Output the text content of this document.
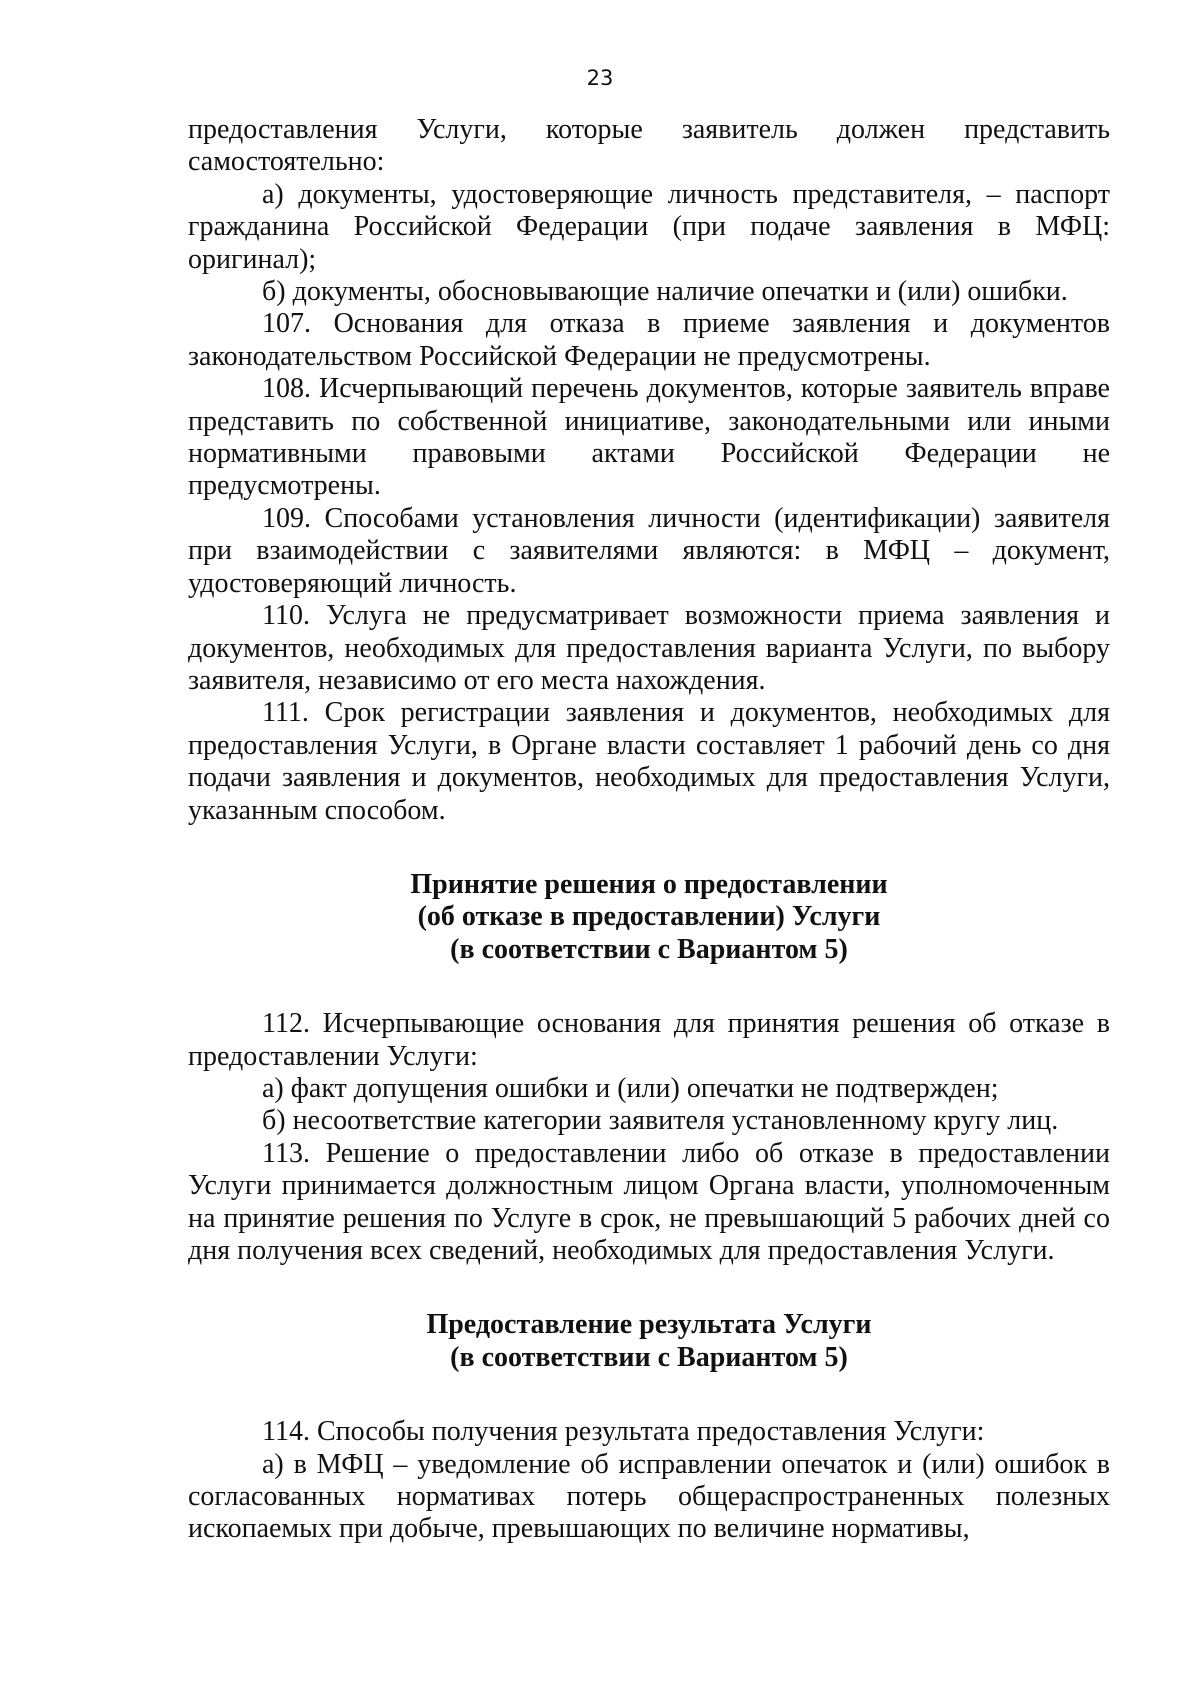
23

предоставления Услуги, которые заявитель должен представить самостоятельно:

а) документы, удостоверяющие личность представителя, – паспорт гражданина Российской Федерации (при подаче заявления в МФЦ: оригинал);

б) документы, обосновывающие наличие опечатки и (или) ошибки.

107. Основания для отказа в приеме заявления и документов законодательством Российской Федерации не предусмотрены.

108. Исчерпывающий перечень документов, которые заявитель вправе представить по собственной инициативе, законодательными или иными нормативными правовыми актами Российской Федерации не предусмотрены.

109. Способами установления личности (идентификации) заявителя при взаимодействии с заявителями являются: в МФЦ – документ, удостоверяющий личность.

110. Услуга не предусматривает возможности приема заявления и документов, необходимых для предоставления варианта Услуги, по выбору заявителя, независимо от его места нахождения.

111. Срок регистрации заявления и документов, необходимых для предоставления Услуги, в Органе власти составляет 1 рабочий день со дня подачи заявления и документов, необходимых для предоставления Услуги, указанным способом.

Принятие решения о предоставлении
(об отказе в предоставлении) Услуги
(в соответствии с Вариантом 5)

112. Исчерпывающие основания для принятия решения об отказе в предоставлении Услуги:

а) факт допущения ошибки и (или) опечатки не подтвержден;

б) несоответствие категории заявителя установленному кругу лиц.

113. Решение о предоставлении либо об отказе в предоставлении Услуги принимается должностным лицом Органа власти, уполномоченным на принятие решения по Услуге в срок, не превышающий 5 рабочих дней со дня получения всех сведений, необходимых для предоставления Услуги.

Предоставление результата Услуги
(в соответствии с Вариантом 5)

114. Способы получения результата предоставления Услуги:

а) в МФЦ – уведомление об исправлении опечаток и (или) ошибок в согласованных нормативах потерь общераспространенных полезных ископаемых при добыче, превышающих по величине нормативы,
